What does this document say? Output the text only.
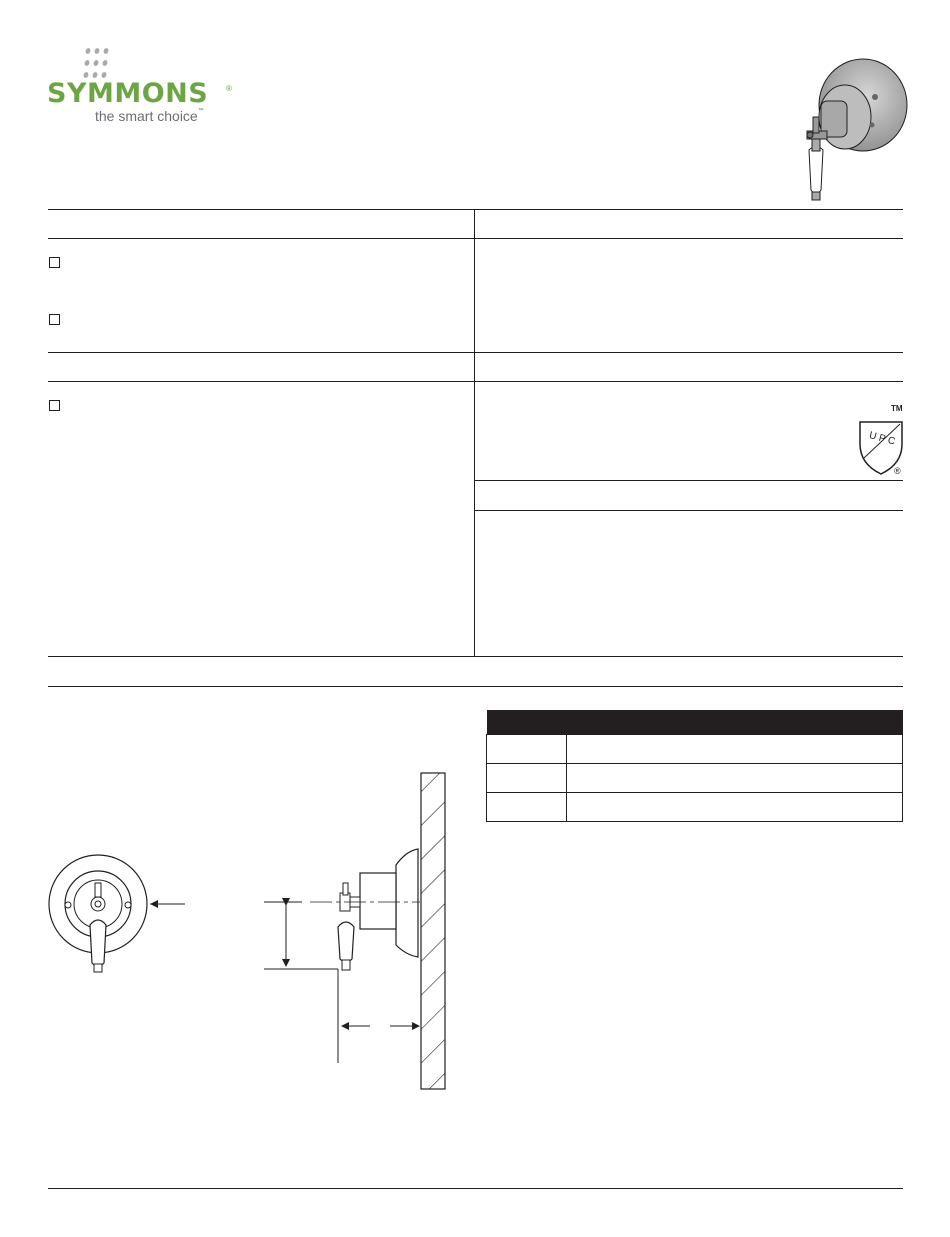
SYMMONS ®
the smart choice™
TM
U P C
®
